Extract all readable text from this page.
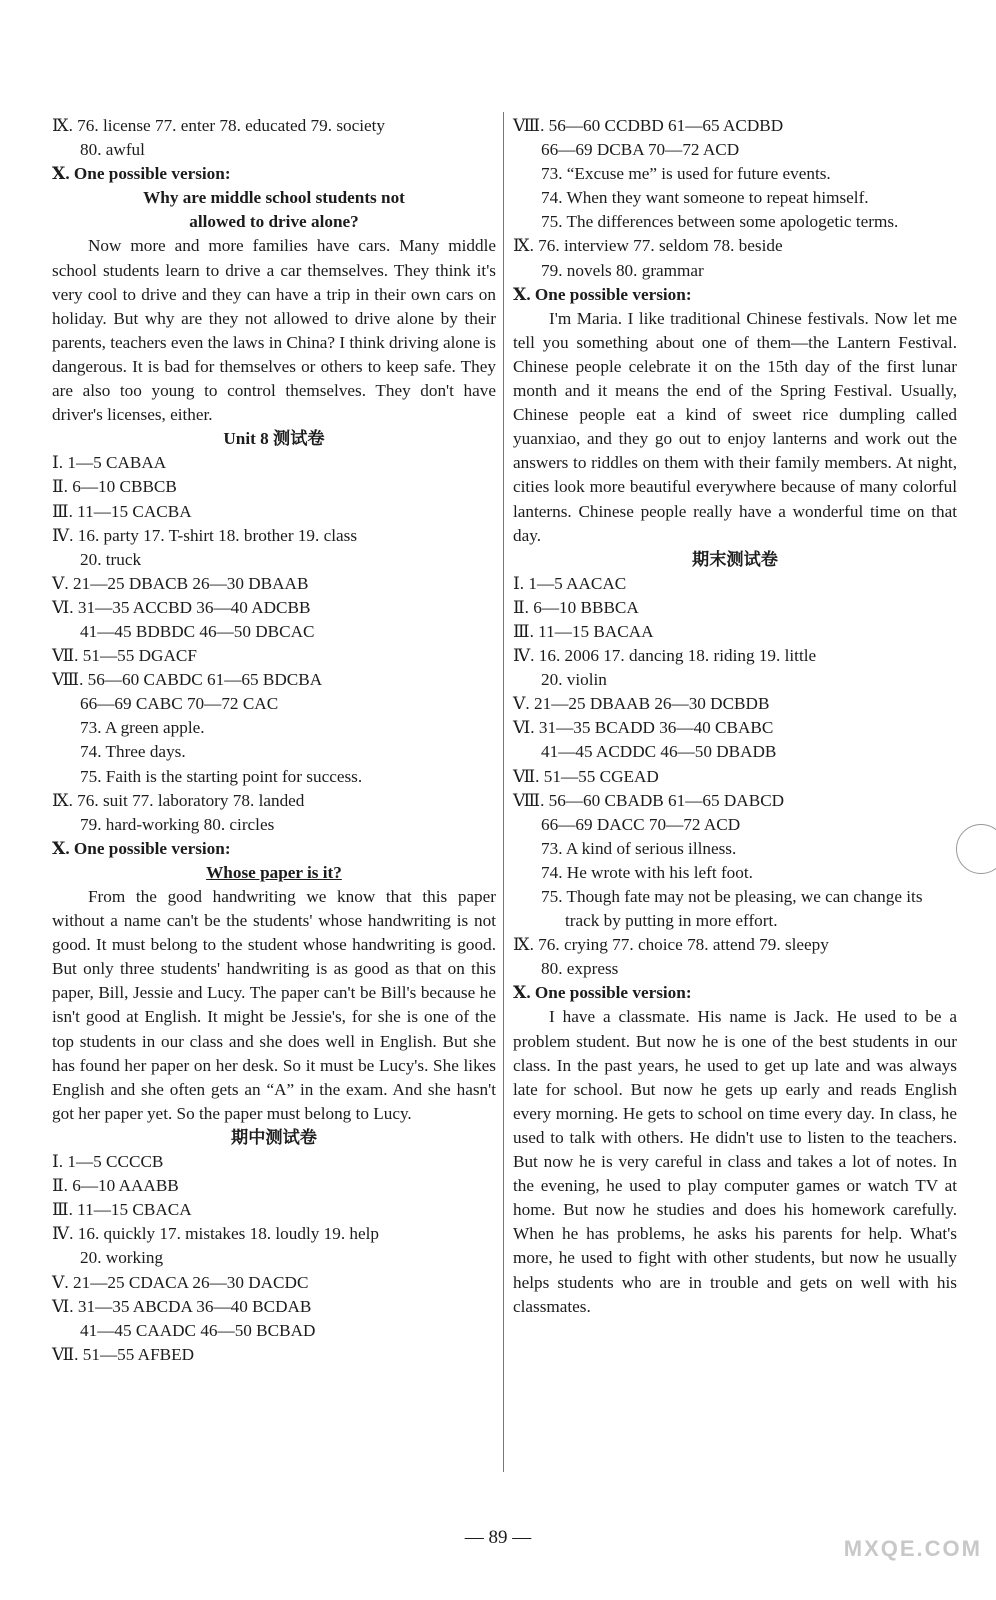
Ⅸ. 76. license 77. enter 78. educated 79. society
80. awful
Ⅹ. One possible version:
Why are middle school students not
allowed to drive alone?
Now more and more families have cars. Many middle school students learn to drive a car themselves. They think it's very cool to drive and they can have a trip in their own cars on holiday. But why are they not allowed to drive alone by their parents, teachers even the laws in China? I think driving alone is dangerous. It is bad for themselves or others to keep safe. They are also too young to control themselves. They don't have driver's licenses, either.
Unit 8 测试卷
Ⅰ. 1—5 CABAA
Ⅱ. 6—10 CBBCB
Ⅲ. 11—15 CACBA
Ⅳ. 16. party 17. T-shirt 18. brother 19. class
20. truck
Ⅴ. 21—25 DBACB 26—30 DBAAB
Ⅵ. 31—35 ACCBD 36—40 ADCBB
41—45 BDBDC 46—50 DBCAC
Ⅶ. 51—55 DGACF
Ⅷ. 56—60 CABDC 61—65 BDCBA
66—69 CABC 70—72 CAC
73. A green apple.
74. Three days.
75. Faith is the starting point for success.
Ⅸ. 76. suit 77. laboratory 78. landed
79. hard-working 80. circles
Ⅹ. One possible version:
Whose paper is it?
From the good handwriting we know that this paper without a name can't be the students' whose handwriting is not good. It must belong to the student whose handwriting is good. But only three students' handwriting is as good as that on this paper, Bill, Jessie and Lucy. The paper can't be Bill's because he isn't good at English. It might be Jessie's, for she is one of the top students in our class and she does well in English. But she has found her paper on her desk. So it must be Lucy's. She likes English and she often gets an “A” in the exam. And she hasn't got her paper yet. So the paper must belong to Lucy.
期中测试卷
Ⅰ. 1—5 CCCCB
Ⅱ. 6—10 AAABB
Ⅲ. 11—15 CBACA
Ⅳ. 16. quickly 17. mistakes 18. loudly 19. help
20. working
Ⅴ. 21—25 CDACA 26—30 DACDC
Ⅵ. 31—35 ABCDA 36—40 BCDAB
41—45 CAADC 46—50 BCBAD
Ⅶ. 51—55 AFBED
Ⅷ. 56—60 CCDBD 61—65 ACDBD
66—69 DCBA 70—72 ACD
73. “Excuse me” is used for future events.
74. When they want someone to repeat himself.
75. The differences between some apologetic terms.
Ⅸ. 76. interview 77. seldom 78. beside
79. novels 80. grammar
Ⅹ. One possible version:
I'm Maria. I like traditional Chinese festivals. Now let me tell you something about one of them—the Lantern Festival. Chinese people celebrate it on the 15th day of the first lunar month and it means the end of the Spring Festival. Usually, Chinese people eat a kind of sweet rice dumpling called yuanxiao, and they go out to enjoy lanterns and work out the answers to riddles on them with their family members. At night, cities look more beautiful everywhere because of many colorful lanterns. Chinese people really have a wonderful time on that day.
期末测试卷
Ⅰ. 1—5 AACAC
Ⅱ. 6—10 BBBCA
Ⅲ. 11—15 BACAA
Ⅳ. 16. 2006 17. dancing 18. riding 19. little
20. violin
Ⅴ. 21—25 DBAAB 26—30 DCBDB
Ⅵ. 31—35 BCADD 36—40 CBABC
41—45 ACDDC 46—50 DBADB
Ⅶ. 51—55 CGEAD
Ⅷ. 56—60 CBADB 61—65 DABCD
66—69 DACC 70—72 ACD
73. A kind of serious illness.
74. He wrote with his left foot.
75. Though fate may not be pleasing, we can change its track by putting in more effort.
Ⅸ. 76. crying 77. choice 78. attend 79. sleepy
80. express
Ⅹ. One possible version:
I have a classmate. His name is Jack. He used to be a problem student. But now he is one of the best students in our class. In the past years, he used to get up late and was always late for school. But now he gets up early and reads English every morning. He gets to school on time every day. In class, he used to talk with others. He didn't use to listen to the teachers. But now he is very careful in class and takes a lot of notes. In the evening, he used to play computer games or watch TV at home. But now he studies and does his homework carefully. When he has problems, he asks his parents for help. What's more, he used to fight with other students, but now he usually helps students who are in trouble and gets on well with his classmates.
— 89 —	MXQE.COM
